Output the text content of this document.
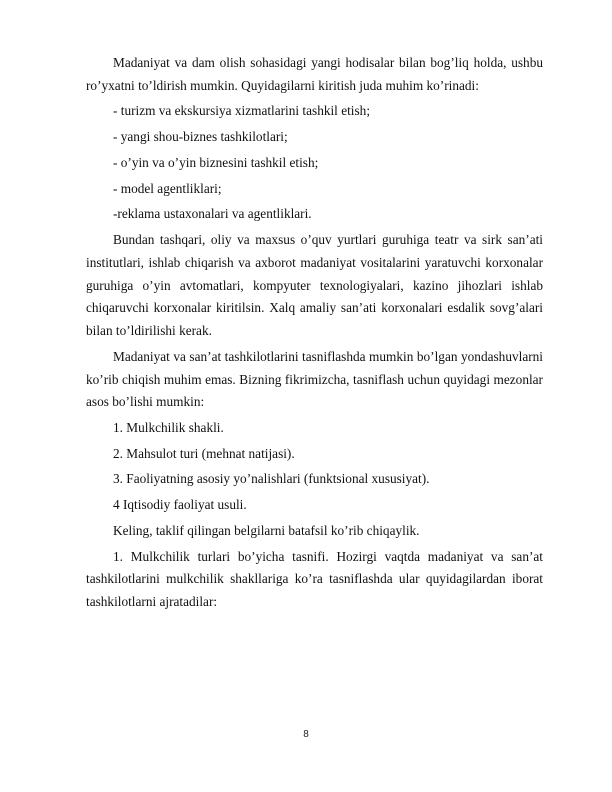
Madaniyat va dam olish sohasidagi yangi hodisalar bilan bog’liq holda, ushbu ro’yxatni to’ldirish mumkin. Quyidagilarni kiritish juda muhim ko’rinadi:

- turizm va ekskursiya xizmatlarini tashkil etish;

- yangi shou-biznes tashkilotlari;

- o’yin va o’yin biznesini tashkil etish;

- model agentliklari;

-reklama ustaxonalari va agentliklari.

Bundan tashqari, oliy va maxsus o’quv yurtlari guruhiga teatr va sirk san’ati institutlari, ishlab chiqarish va axborot madaniyat vositalarini yaratuvchi korxonalar guruhiga o’yin avtomatlari, kompyuter texnologiyalari, kazino jihozlari ishlab chiqaruvchi korxonalar kiritilsin. Xalq amaliy san’ati korxonalari esdalik sovg’alari bilan to’ldirilishi kerak.

Madaniyat va san’at tashkilotlarini tasniflashda mumkin bo’lgan yondashuvlarni ko’rib chiqish muhim emas. Bizning fikrimizcha, tasniflash uchun quyidagi mezonlar asos bo’lishi mumkin:

1. Mulkchilik shakli.

2. Mahsulot turi (mehnat natijasi).

3. Faoliyatning asosiy yo’nalishlari (funktsional xususiyat).

4 Iqtisodiy faoliyat usuli.

Keling, taklif qilingan belgilarni batafsil ko’rib chiqaylik.

1. Mulkchilik turlari bo’yicha tasnifi. Hozirgi vaqtda madaniyat va san’at tashkilotlarini mulkchilik shakllariga ko’ra tasniflashda ular quyidagilardan iborat tashkilotlarni ajratadilar:

8
